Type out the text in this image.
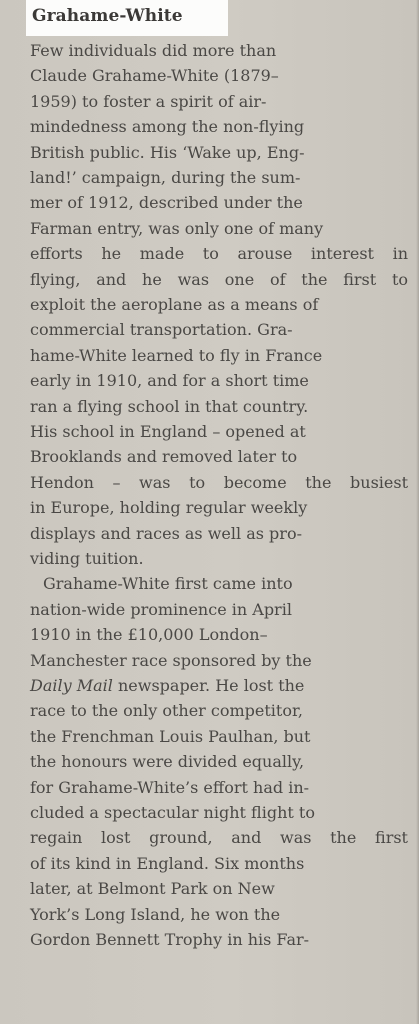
Grahame-White

Few individuals did more than

Claude Grahame-White (1879–

1959) to foster a spirit of air-

mindedness among the non-flying

British public. His ‘Wake up, Eng-

land!’ campaign, during the sum-

mer of 1912, described under the

Farman entry, was only one of many

efforts he made to arouse interest in

flying, and he was one of the first to

exploit the aeroplane as a means of

commercial transportation. Gra-

hame-White learned to fly in France

early in 1910, and for a short time

ran a flying school in that country.

His school in England – opened at

Brooklands and removed later to

Hendon – was to become the busiest

in Europe, holding regular weekly

displays and races as well as pro-

viding tuition.

Grahame-White first came into

nation-wide prominence in April

1910 in the £10,000 London–

Manchester race sponsored by the

Daily Mail newspaper. He lost the

race to the only other competitor,

the Frenchman Louis Paulhan, but

the honours were divided equally,

for Grahame-White’s effort had in-

cluded a spectacular night flight to

regain lost ground, and was the first

of its kind in England. Six months

later, at Belmont Park on New

York’s Long Island, he won the

Gordon Bennett Trophy in his Far-
